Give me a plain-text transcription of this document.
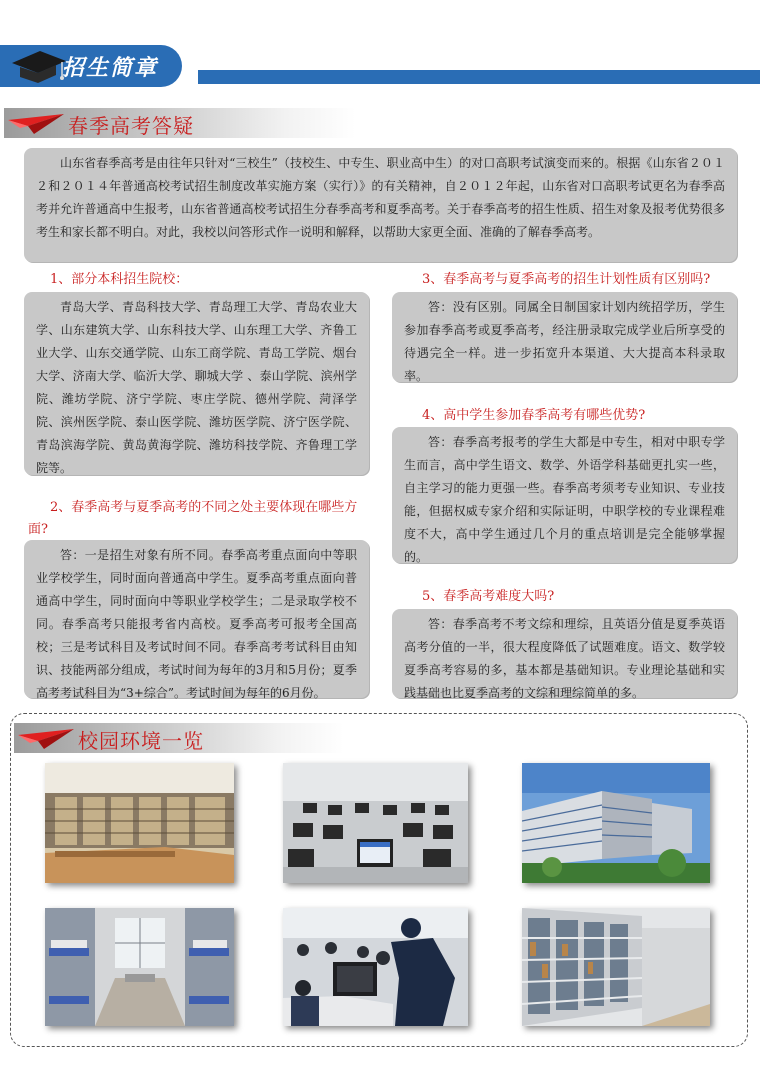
招生简章
春季高考答疑
山东省春季高考是由往年只针对“三校生”（技校生、中专生、职业高中生）的对口高职考试演变而来的。根据《山东省２０１２和２０１４年普通高校考试招生制度改革实施方案（实行）》的有关精神，自２０１２年起，山东省对口高职考试更名为春季高考并允许普通高中生报考，山东省普通高校考试招生分春季高考和夏季高考。关于春季高考的招生性质、招生对象及报考优势很多考生和家长都不明白。对此，我校以问答形式作一说明和解释，以帮助大家更全面、准确的了解春季高考。
1、部分本科招生院校：
青岛大学、青岛科技大学、青岛理工大学、青岛农业大学、山东建筑大学、山东科技大学、山东理工大学、齐鲁工业大学、山东交通学院、山东工商学院、青岛工学院、烟台大学、济南大学、临沂大学、聊城大学 、泰山学院、滨州学院、潍坊学院、济宁学院、枣庄学院、德州学院、菏泽学院、滨州医学院、泰山医学院、潍坊医学院、济宁医学院、青岛滨海学院、黄岛黄海学院、潍坊科技学院、齐鲁理工学院等。
2、春季高考与夏季高考的不同之处主要体现在哪些方面?
答：一是招生对象有所不同。春季高考重点面向中等职业学校学生，同时面向普通高中学生。夏季高考重点面向普通高中学生，同时面向中等职业学校学生；二是录取学校不同。春季高考只能报考省内高校。夏季高考可报考全国高校；三是考试科目及考试时间不同。春季高考考试科目由知识、技能两部分组成，考试时间为每年的3月和5月份；夏季高考考试科目为“3+综合”。考试时间为每年的6月份。
3、春季高考与夏季高考的招生计划性质有区别吗?
答：没有区别。同属全日制国家计划内统招学历，学生参加春季高考或夏季高考，经注册录取完成学业后所享受的待遇完全一样。进一步拓宽升本渠道、大大提高本科录取率。
4、高中学生参加春季高考有哪些优势?
答：春季高考报考的学生大都是中专生，相对中职专学生而言，高中学生语文、数学、外语学科基础更扎实一些，自主学习的能力更强一些。春季高考须考专业知识、专业技能，但据权威专家介绍和实际证明，中职学校的专业课程难度不大，高中学生通过几个月的重点培训是完全能够掌握的。
5、春季高考难度大吗?
答：春季高考不考文综和理综，且英语分值是夏季英语高考分值的一半，很大程度降低了试题难度。语文、数学较夏季高考容易的多，基本都是基础知识。专业理论基础和实践基础也比夏季高考的文综和理综简单的多。
校园环境一览
